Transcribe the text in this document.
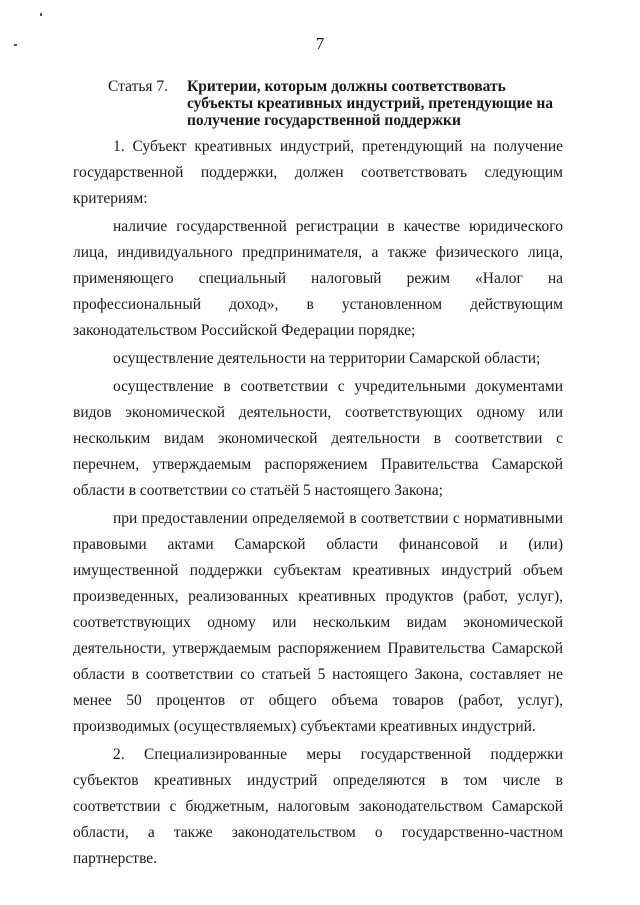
7
Статья 7. Критерии, которым должны соответствовать субъекты креативных индустрий, претендующие на получение государственной поддержки

1. Субъект креативных индустрий, претендующий на получение государственной поддержки, должен соответствовать следующим критериям:

наличие государственной регистрации в качестве юридического лица, индивидуального предпринимателя, а также физического лица, применяющего специальный налоговый режим «Налог на профессиональный доход», в установленном действующим законодательством Российской Федерации порядке;

осуществление деятельности на территории Самарской области;

осуществление в соответствии с учредительными документами видов экономической деятельности, соответствующих одному или нескольким видам экономической деятельности в соответствии с перечнем, утверждаемым распоряжением Правительства Самарской области в соответствии со статьёй 5 настоящего Закона;

при предоставлении определяемой в соответствии с нормативными правовыми актами Самарской области финансовой и (или) имущественной поддержки субъектам креативных индустрий объем произведенных, реализованных креативных продуктов (работ, услуг), соответствующих одному или нескольким видам экономической деятельности, утверждаемым распоряжением Правительства Самарской области в соответствии со статьей 5 настоящего Закона, составляет не менее 50 процентов от общего объема товаров (работ, услуг), производимых (осуществляемых) субъектами креативных индустрий.

2. Специализированные меры государственной поддержки субъектов креативных индустрий определяются в том числе в соответствии с бюджетным, налоговым законодательством Самарской области, а также законодательством о государственно-частном партнерстве.
